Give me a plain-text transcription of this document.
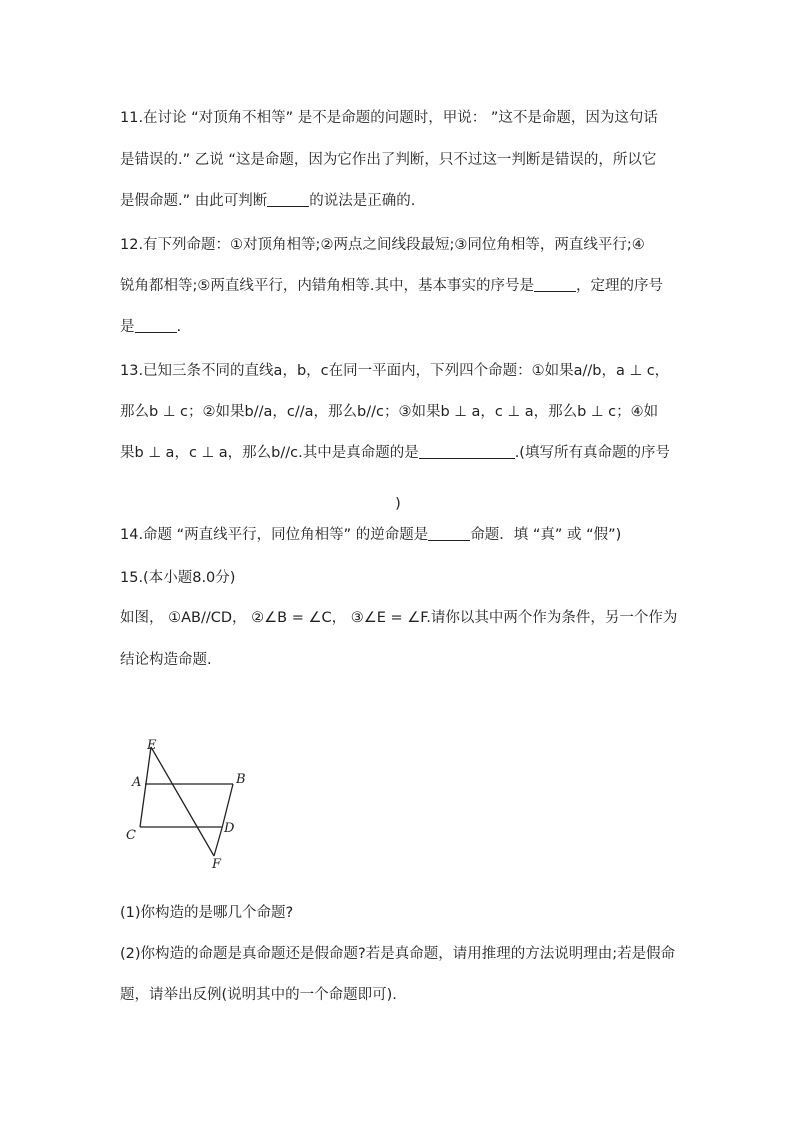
11.在讨论 “对顶角不相等” 是不是命题的问题时，甲说： ”这不是命题，因为这句话
是错误的.” 乙说 “这是命题，因为它作出了判断，只不过这一判断是错误的，所以它
是假命题.” 由此可判断	的说法是正确的.
12.有下列命题：①对顶角相等;②两点之间线段最短;③同位角相等，两直线平行;④
锐角都相等;⑤两直线平行，内错角相等.其中，基本事实的序号是	，定理的序号
是	.
13.已知三条不同的直线a，b，c在同一平面内，下列四个命题：①如果a//b，a ⊥ c，
那么b ⊥ c；②如果b//a，c//a，那么b//c；③如果b ⊥ a，c ⊥ a，那么b ⊥ c；④如
果b ⊥ a，c ⊥ a，那么b//c.其中是真命题的是	.(填写所有真命题的序号
)
14.命题 “两直线平行，同位角相等” 的逆命题是	命题．填 “真” 或 “假”)
15.(本小题8.0分)
如图， ①AB//CD， ②∠B = ∠C， ③∠E = ∠F.请你以其中两个作为条件，另一个作为
结论构造命题.
E
A	B
C	D
F
(1)你构造的是哪几个命题?
(2)你构造的命题是真命题还是假命题?若是真命题，请用推理的方法说明理由;若是假命
题，请举出反例(说明其中的一个命题即可).
